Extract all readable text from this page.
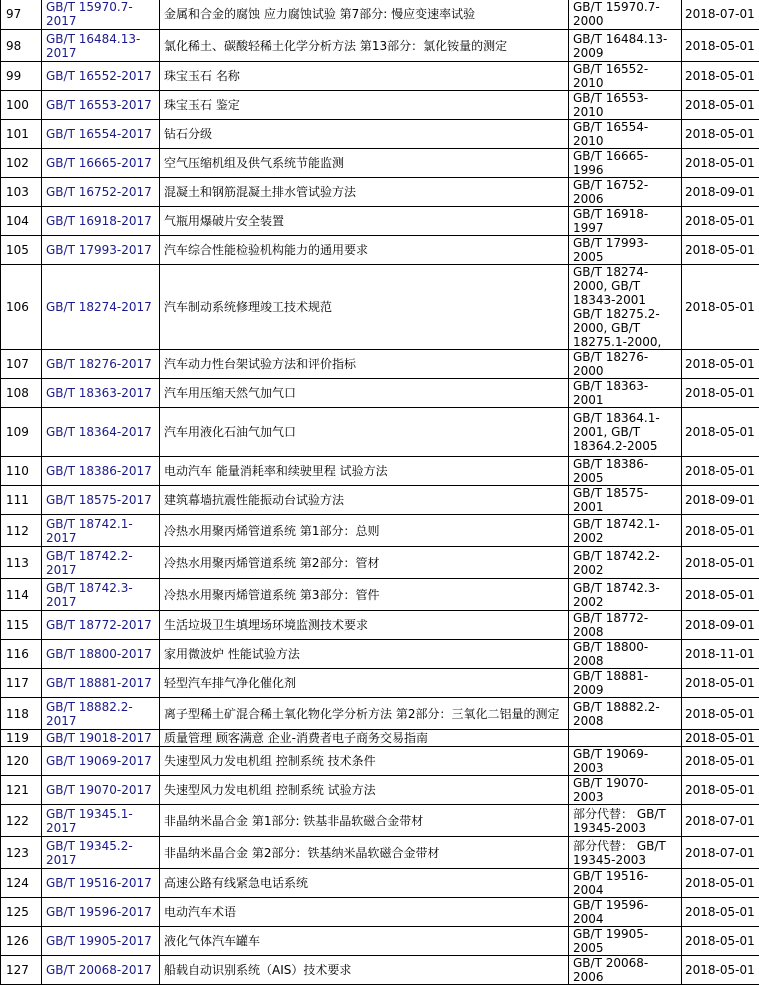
97	GB/T 15970.7-2017	金属和合金的腐蚀 应力腐蚀试验 第7部分: 慢应变速率试验	GB/T 15970.7-2000	2018-07-01
98	GB/T 16484.13-2017	氯化稀土、碳酸轻稀土化学分析方法 第13部分：氯化铵量的测定	GB/T 16484.13-2009	2018-05-01
99	GB/T 16552-2017	珠宝玉石 名称	GB/T 16552-2010	2018-05-01
100	GB/T 16553-2017	珠宝玉石 鉴定	GB/T 16553-2010	2018-05-01
101	GB/T 16554-2017	钻石分级	GB/T 16554-2010	2018-05-01
102	GB/T 16665-2017	空气压缩机组及供气系统节能监测	GB/T 16665-1996	2018-05-01
103	GB/T 16752-2017	混凝土和钢筋混凝土排水管试验方法	GB/T 16752-2006	2018-09-01
104	GB/T 16918-2017	气瓶用爆破片安全装置	GB/T 16918-1997	2018-05-01
105	GB/T 17993-2017	汽车综合性能检验机构能力的通用要求	GB/T 17993-2005	2018-05-01
106	GB/T 18274-2017	汽车制动系统修理竣工技术规范	GB/T 18274-2000, GB/T 18343-2001 GB/T 18275.2-2000, GB/T 18275.1-2000,	2018-05-01
107	GB/T 18276-2017	汽车动力性台架试验方法和评价指标	GB/T 18276-2000	2018-05-01
108	GB/T 18363-2017	汽车用压缩天然气加气口	GB/T 18363-2001	2018-05-01
109	GB/T 18364-2017	汽车用液化石油气加气口	GB/T 18364.1-2001, GB/T 18364.2-2005	2018-05-01
110	GB/T 18386-2017	电动汽车 能量消耗率和续驶里程 试验方法	GB/T 18386-2005	2018-05-01
111	GB/T 18575-2017	建筑幕墙抗震性能振动台试验方法	GB/T 18575-2001	2018-09-01
112	GB/T 18742.1-2017	冷热水用聚丙烯管道系统 第1部分：总则	GB/T 18742.1-2002	2018-05-01
113	GB/T 18742.2-2017	冷热水用聚丙烯管道系统 第2部分：管材	GB/T 18742.2-2002	2018-05-01
114	GB/T 18742.3-2017	冷热水用聚丙烯管道系统 第3部分：管件	GB/T 18742.3-2002	2018-05-01
115	GB/T 18772-2017	生活垃圾卫生填埋场环境监测技术要求	GB/T 18772-2008	2018-09-01
116	GB/T 18800-2017	家用微波炉 性能试验方法	GB/T 18800-2008	2018-11-01
117	GB/T 18881-2017	轻型汽车排气净化催化剂	GB/T 18881-2009	2018-05-01
118	GB/T 18882.2-2017	离子型稀土矿混合稀土氧化物化学分析方法 第2部分：三氧化二铝量的测定	GB/T 18882.2-2008	2018-05-01
119	GB/T 19018-2017	质量管理 顾客满意 企业-消费者电子商务交易指南		2018-05-01
120	GB/T 19069-2017	失速型风力发电机组 控制系统 技术条件	GB/T 19069-2003	2018-05-01
121	GB/T 19070-2017	失速型风力发电机组 控制系统 试验方法	GB/T 19070-2003	2018-05-01
122	GB/T 19345.1-2017	非晶纳米晶合金 第1部分: 铁基非晶软磁合金带材	部分代替： GB/T 19345-2003	2018-07-01
123	GB/T 19345.2-2017	非晶纳米晶合金 第2部分：铁基纳米晶软磁合金带材	部分代替： GB/T 19345-2003	2018-07-01
124	GB/T 19516-2017	高速公路有线紧急电话系统	GB/T 19516-2004	2018-05-01
125	GB/T 19596-2017	电动汽车术语	GB/T 19596-2004	2018-05-01
126	GB/T 19905-2017	液化气体汽车罐车	GB/T 19905-2005	2018-05-01
127	GB/T 20068-2017	船载自动识别系统（AIS）技术要求	GB/T 20068-2006	2018-05-01
